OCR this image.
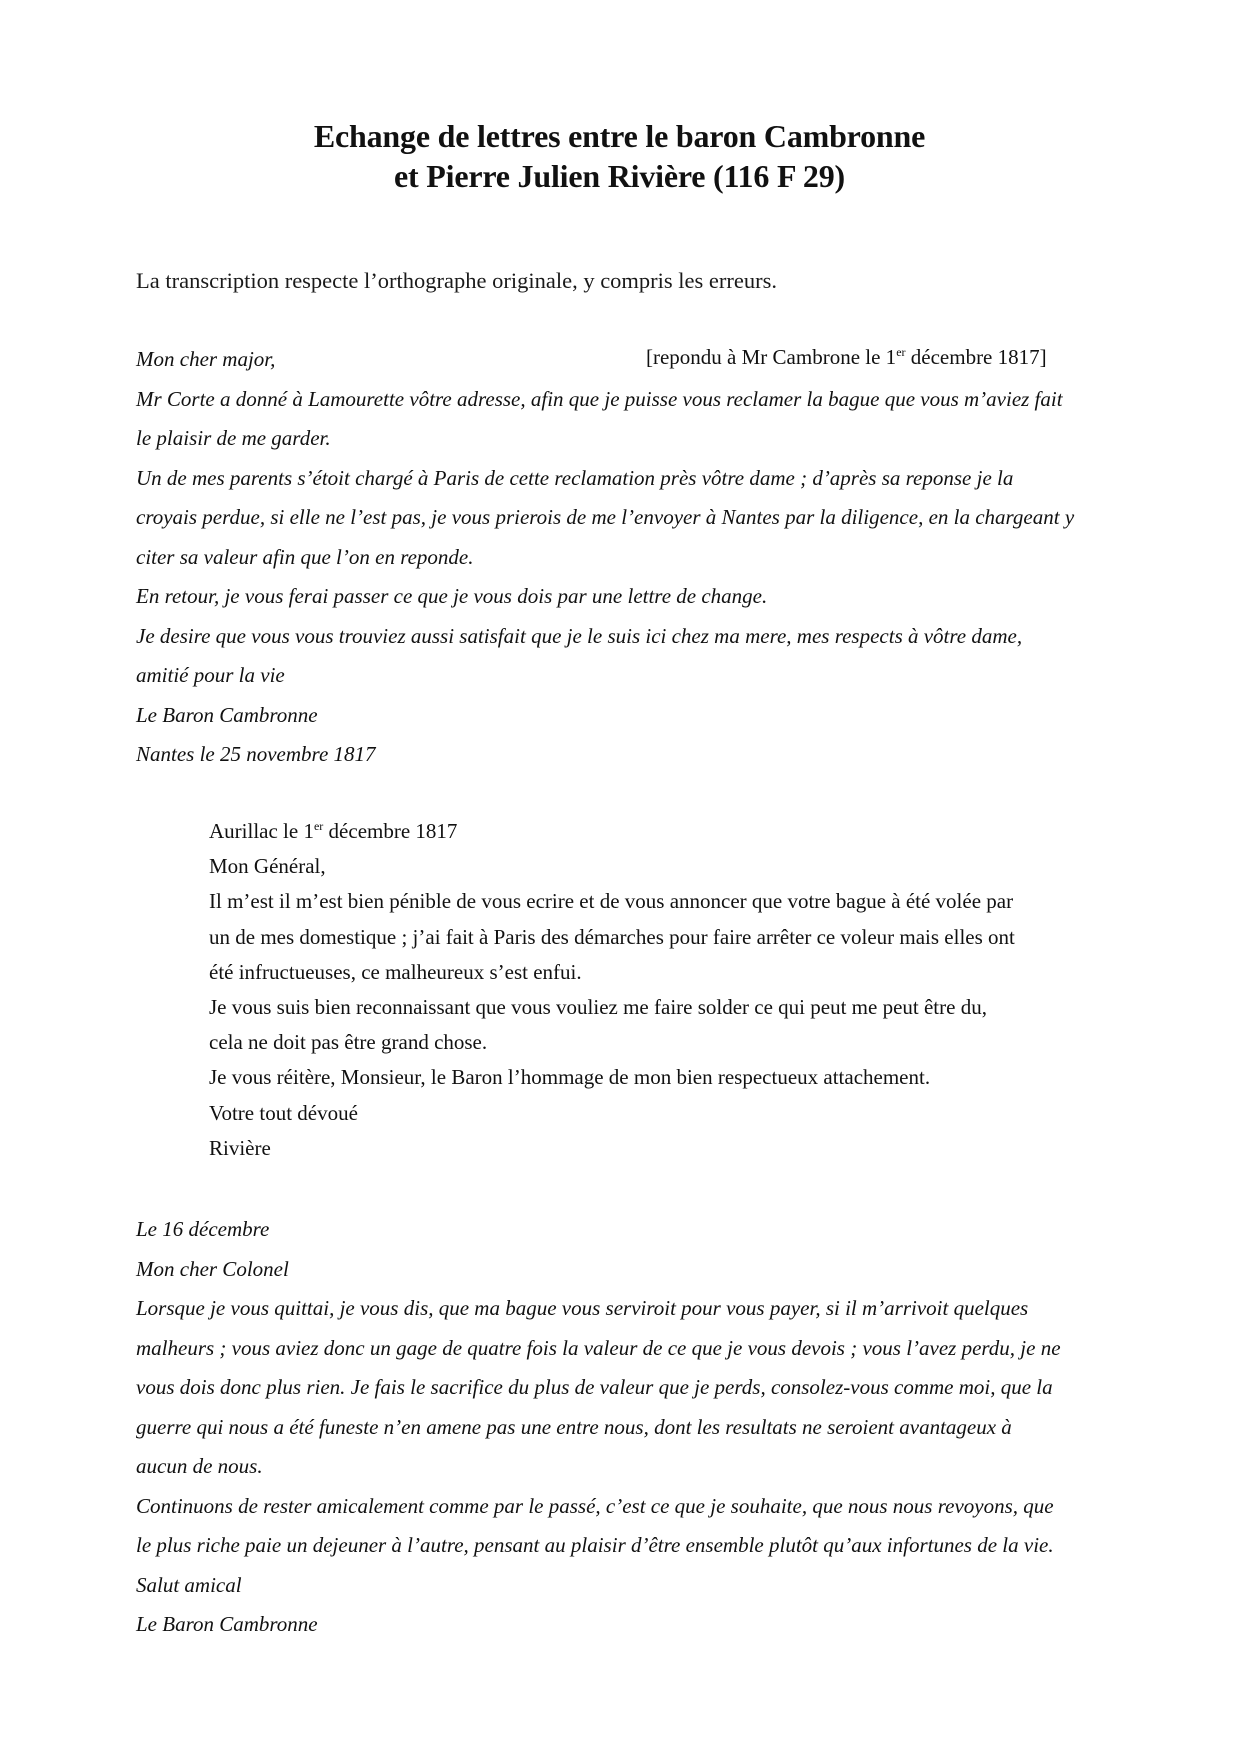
Echange de lettres entre le baron Cambronne
et Pierre Julien Rivière (116 F 29)
La transcription respecte l’orthographe originale, y compris les erreurs.
Mon cher major,	[repondu à Mr Cambrone le 1er décembre 1817]
Mr Corte a donné à Lamourette vôtre adresse, afin que je puisse vous reclamer la bague que vous m’aviez fait
le plaisir de me garder.
Un de mes parents s’étoit chargé à Paris de cette reclamation près vôtre dame ; d’après sa reponse je la
croyais perdue, si elle ne l’est pas, je vous prierois de me l’envoyer à Nantes par la diligence, en la chargeant y
citer sa valeur afin que l’on en reponde.
En retour, je vous ferai passer ce que je vous dois par une lettre de change.
Je desire que vous vous trouviez aussi satisfait que je le suis ici chez ma mere, mes respects à vôtre dame,
amitié pour la vie
Le Baron Cambronne
Nantes le 25 novembre 1817
Aurillac le 1er décembre 1817
Mon Général,
Il m’est il m’est bien pénible de vous ecrire et de vous annoncer que votre bague à été volée par
un de mes domestique ; j’ai fait à Paris des démarches pour faire arrêter ce voleur mais elles ont
été infructueuses, ce malheureux s’est enfui.
Je vous suis bien reconnaissant que vous vouliez me faire solder ce qui peut me peut être du,
cela ne doit pas être grand chose.
Je vous réitère, Monsieur, le Baron l’hommage de mon bien respectueux attachement.
Votre tout dévoué
Rivière
Le 16 décembre
Mon cher Colonel
Lorsque je vous quittai, je vous dis, que ma bague vous serviroit pour vous payer, si il m’arrivoit quelques
malheurs ; vous aviez donc un gage de quatre fois la valeur de ce que je vous devois ; vous l’avez perdu, je ne
vous dois donc plus rien. Je fais le sacrifice du plus de valeur que je perds, consolez-vous comme moi, que la
guerre qui nous a été funeste n’en amene pas une entre nous, dont les resultats ne seroient avantageux à
aucun de nous.
Continuons de rester amicalement comme par le passé, c’est ce que je souhaite, que nous nous revoyons, que
le plus riche paie un dejeuner à l’autre, pensant au plaisir d’être ensemble plutôt qu’aux infortunes de la vie.
Salut amical
Le Baron Cambronne
